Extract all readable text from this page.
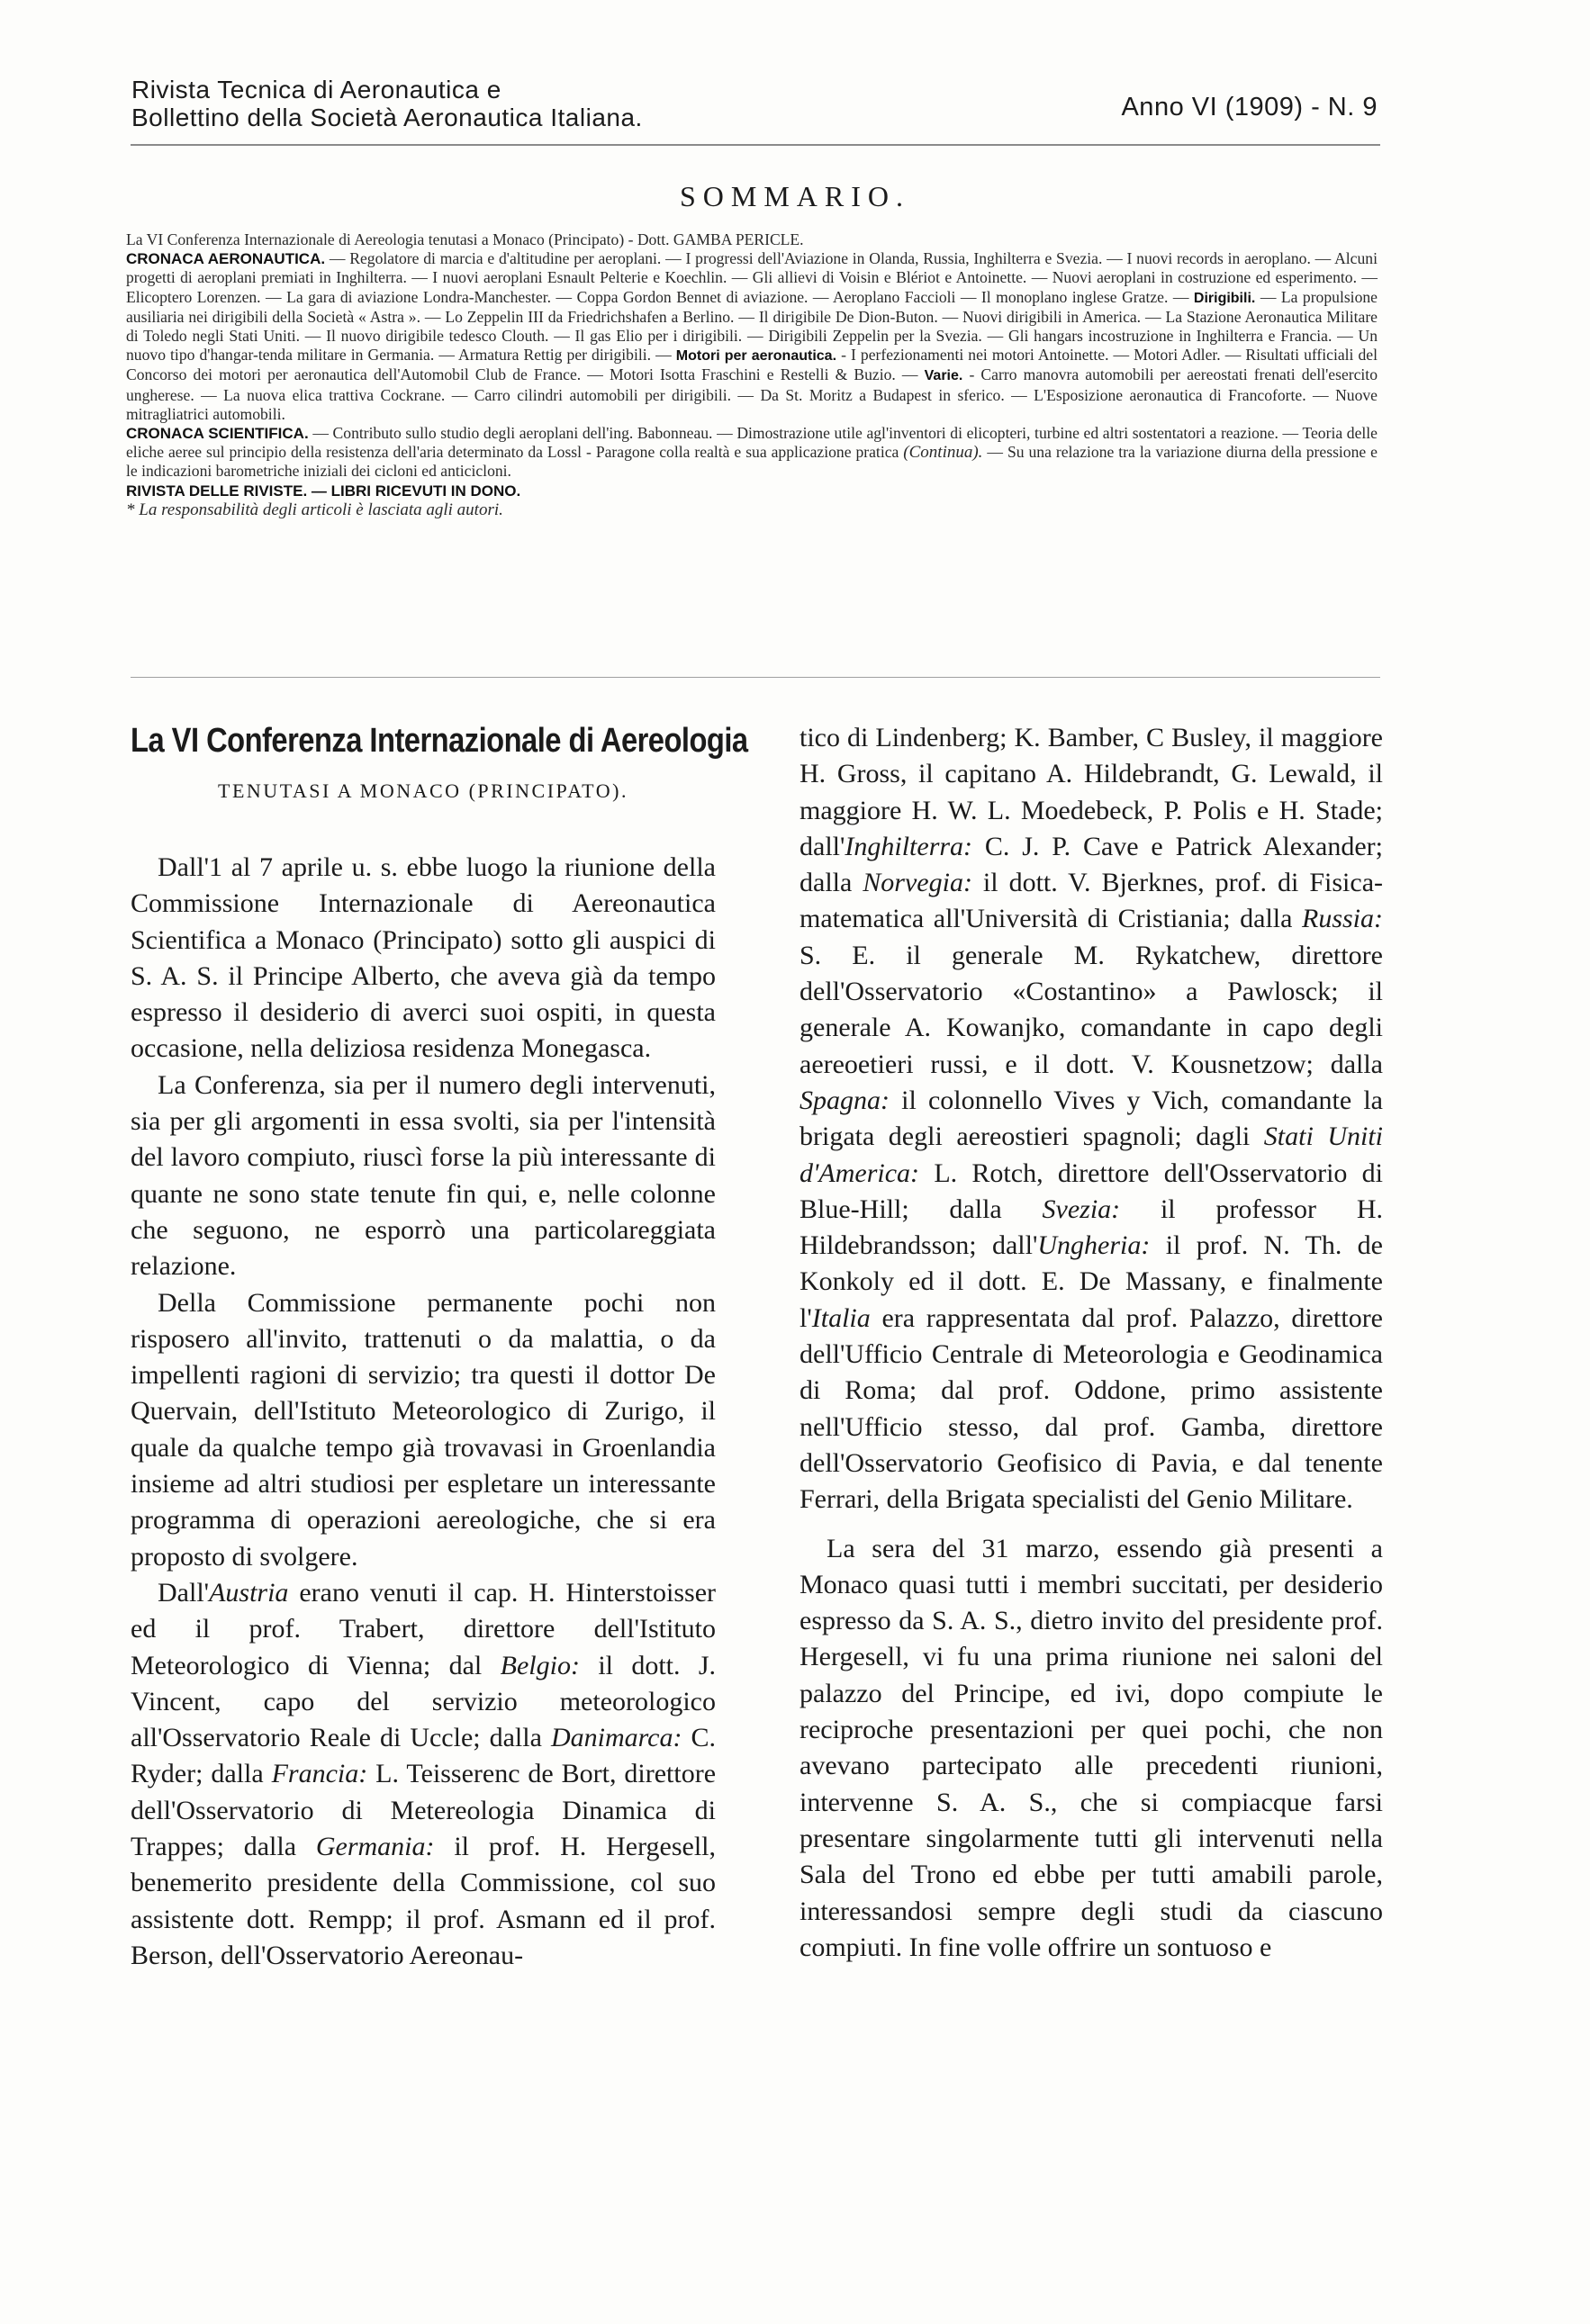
Rivista Tecnica di Aeronautica e
Bollettino della Società Aeronautica Italiana.	Anno VI (1909) - N. 9
SOMMARIO.

La VI Conferenza Internazionale di Aereologia tenutasi a Monaco (Principato) - Dott. GAMBA PERICLE.

CRONACA AERONAUTICA. — Regolatore di marcia e d'altitudine per aeroplani. — I progressi dell'Aviazione in Olanda, Russia, Inghilterra e Svezia. — I nuovi records in aeroplano. — Alcuni progetti di aeroplani premiati in Inghilterra. — I nuovi aeroplani Esnault Pelterie e Koechlin. — Gli allievi di Voisin e Blériot e Antoinette. — Nuovi aeroplani in costruzione ed esperimento. — Elicoptero Lorenzen. — La gara di aviazione Londra-Manchester. — Coppa Gordon Bennet di aviazione. — Aeroplano Faccioli — Il monoplano inglese Gratze. — Dirigibili. — La propulsione ausiliaria nei dirigibili della Società « Astra ». — Lo Zeppelin III da Friedrichshafen a Berlino. — Il dirigibile De Dion-Buton. — Nuovi dirigibili in America. — La Stazione Aeronautica Militare di Toledo negli Stati Uniti. — Il nuovo dirigibile tedesco Clouth. — Il gas Elio per i dirigibili. — Dirigibili Zeppelin per la Svezia. — Gli hangars incostruzione in Inghilterra e Francia. — Un nuovo tipo d'hangar-tenda militare in Germania. — Armatura Rettig per dirigibili. — Motori per aeronautica. - I perfezionamenti nei motori Antoinette. — Motori Adler. — Risultati ufficiali del Concorso dei motori per aeronautica dell'Automobil Club de France. — Motori Isotta Fraschini e Restelli & Buzio. — Varie. - Carro manovra automobili per aereostati frenati dell'esercito ungherese. — La nuova elica trattiva Cockrane. — Carro cilindri automobili per dirigibili. — Da St. Moritz a Budapest in sferico. — L'Esposizione aeronautica di Francoforte. — Nuove mitragliatrici automobili.

CRONACA SCIENTIFICA. — Contributo sullo studio degli aeroplani dell'ing. Babonneau. — Dimostrazione utile agl'inventori di elicopteri, turbine ed altri sostentatori a reazione. — Teoria delle eliche aeree sul principio della resistenza dell'aria determinato da Lossl - Paragone colla realtà e sua applicazione pratica (Continua). — Su una relazione tra la variazione diurna della pressione e le indicazioni barometriche iniziali dei cicloni ed anticicloni.

RIVISTA DELLE RIVISTE. — LIBRI RICEVUTI IN DONO.

* La responsabilità degli articoli è lasciata agli autori.

La VI Conferenza Internazionale di Aereologia
TENUTASI A MONACO (PRINCIPATO).

Dall'1 al 7 aprile u. s. ebbe luogo la riunione della Commissione Internazionale di Aereonautica Scientifica a Monaco (Principato) sotto gli auspici di S. A. S. il Principe Alberto, che aveva già da tempo espresso il desiderio di averci suoi ospiti, in questa occasione, nella deliziosa residenza Monegasca.

La Conferenza, sia per il numero degli intervenuti, sia per gli argomenti in essa svolti, sia per l'intensità del lavoro compiuto, riuscì forse la più interessante di quante ne sono state tenute fin qui, e, nelle colonne che seguono, ne esporrò una particolareggiata relazione.

Della Commissione permanente pochi non risposero all'invito, trattenuti o da malattia, o da impellenti ragioni di servizio; tra questi il dottor De Quervain, dell'Istituto Meteorologico di Zurigo, il quale da qualche tempo già trovavasi in Groenlandia insieme ad altri studiosi per espletare un interessante programma di operazioni aereologiche, che si era proposto di svolgere.

Dall'Austria erano venuti il cap. H. Hinterstoisser ed il prof. Trabert, direttore dell'Istituto Meteorologico di Vienna; dal Belgio: il dott. J. Vincent, capo del servizio meteorologico all'Osservatorio Reale di Uccle; dalla Danimarca: C. Ryder; dalla Francia: L. Teisserenc de Bort, direttore dell'Osservatorio di Metereologia Dinamica di Trappes; dalla Germania: il prof. H. Hergesell, benemerito presidente della Commissione, col suo assistente dott. Rempp; il prof. Asmann ed il prof. Berson, dell'Osservatorio Aereonau-

tico di Lindenberg; K. Bamber, C Busley, il maggiore H. Gross, il capitano A. Hildebrandt, G. Lewald, il maggiore H. W. L. Moedebeck, P. Polis e H. Stade; dall'Inghilterra: C. J. P. Cave e Patrick Alexander; dalla Norvegia: il dott. V. Bjerknes, prof. di Fisica-matematica all'Università di Cristiania; dalla Russia: S. E. il generale M. Rykatchew, direttore dell'Osservatorio «Costantino» a Pawlosck; il generale A. Kowanjko, comandante in capo degli aereoetieri russi, e il dott. V. Kousnetzow; dalla Spagna: il colonnello Vives y Vich, comandante la brigata degli aereostieri spagnoli; dagli Stati Uniti d'America: L. Rotch, direttore dell'Osservatorio di Blue-Hill; dalla Svezia: il professor H. Hildebrandsson; dall'Ungheria: il prof. N. Th. de Konkoly ed il dott. E. De Massany, e finalmente l'Italia era rappresentata dal prof. Palazzo, direttore dell'Ufficio Centrale di Meteorologia e Geodinamica di Roma; dal prof. Oddone, primo assistente nell'Ufficio stesso, dal prof. Gamba, direttore dell'Osservatorio Geofisico di Pavia, e dal tenente Ferrari, della Brigata specialisti del Genio Militare.

La sera del 31 marzo, essendo già presenti a Monaco quasi tutti i membri succitati, per desiderio espresso da S. A. S., dietro invito del presidente prof. Hergesell, vi fu una prima riunione nei saloni del palazzo del Principe, ed ivi, dopo compiute le reciproche presentazioni per quei pochi, che non avevano partecipato alle precedenti riunioni, intervenne S. A. S., che si compiacque farsi presentare singolarmente tutti gli intervenuti nella Sala del Trono ed ebbe per tutti amabili parole, interessandosi sempre degli studi da ciascuno compiuti. In fine volle offrire un sontuoso e
